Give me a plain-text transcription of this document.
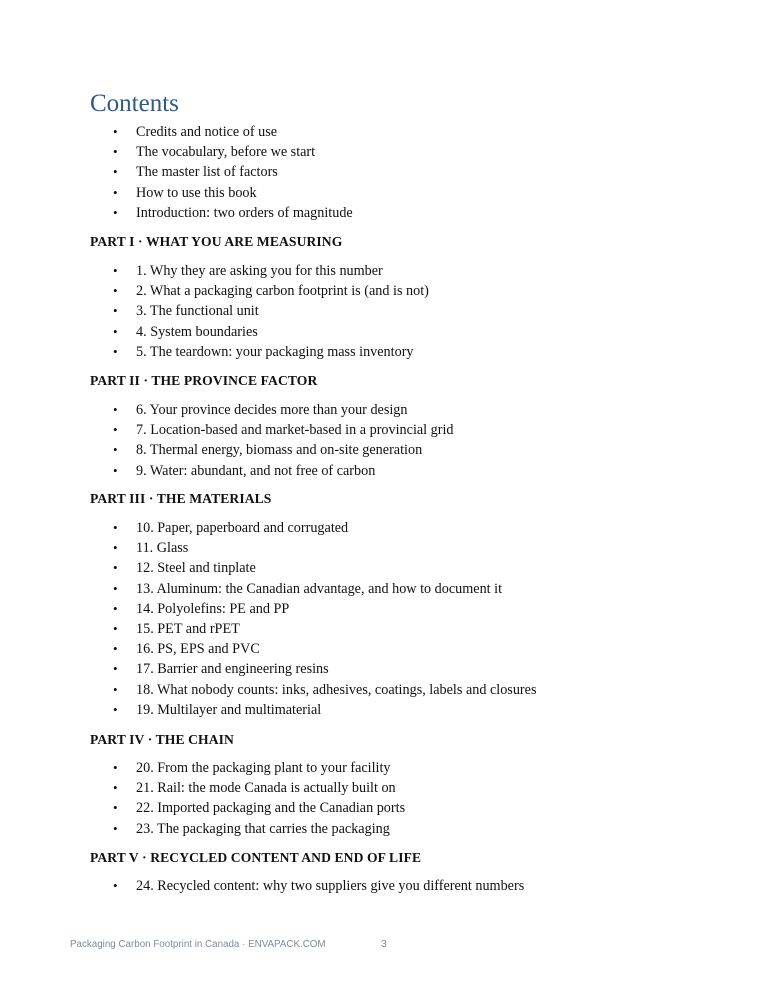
Contents
• Credits and notice of use
• The vocabulary, before we start
• The master list of factors
• How to use this book
• Introduction: two orders of magnitude
PART I · WHAT YOU ARE MEASURING
• 1. Why they are asking you for this number
• 2. What a packaging carbon footprint is (and is not)
• 3. The functional unit
• 4. System boundaries
• 5. The teardown: your packaging mass inventory
PART II · THE PROVINCE FACTOR
• 6. Your province decides more than your design
• 7. Location-based and market-based in a provincial grid
• 8. Thermal energy, biomass and on-site generation
• 9. Water: abundant, and not free of carbon
PART III · THE MATERIALS
• 10. Paper, paperboard and corrugated
• 11. Glass
• 12. Steel and tinplate
• 13. Aluminum: the Canadian advantage, and how to document it
• 14. Polyolefins: PE and PP
• 15. PET and rPET
• 16. PS, EPS and PVC
• 17. Barrier and engineering resins
• 18. What nobody counts: inks, adhesives, coatings, labels and closures
• 19. Multilayer and multimaterial
PART IV · THE CHAIN
• 20. From the packaging plant to your facility
• 21. Rail: the mode Canada is actually built on
• 22. Imported packaging and the Canadian ports
• 23. The packaging that carries the packaging
PART V · RECYCLED CONTENT AND END OF LIFE
• 24. Recycled content: why two suppliers give you different numbers
Packaging Carbon Footprint in Canada · ENVAPACK.COM	3
